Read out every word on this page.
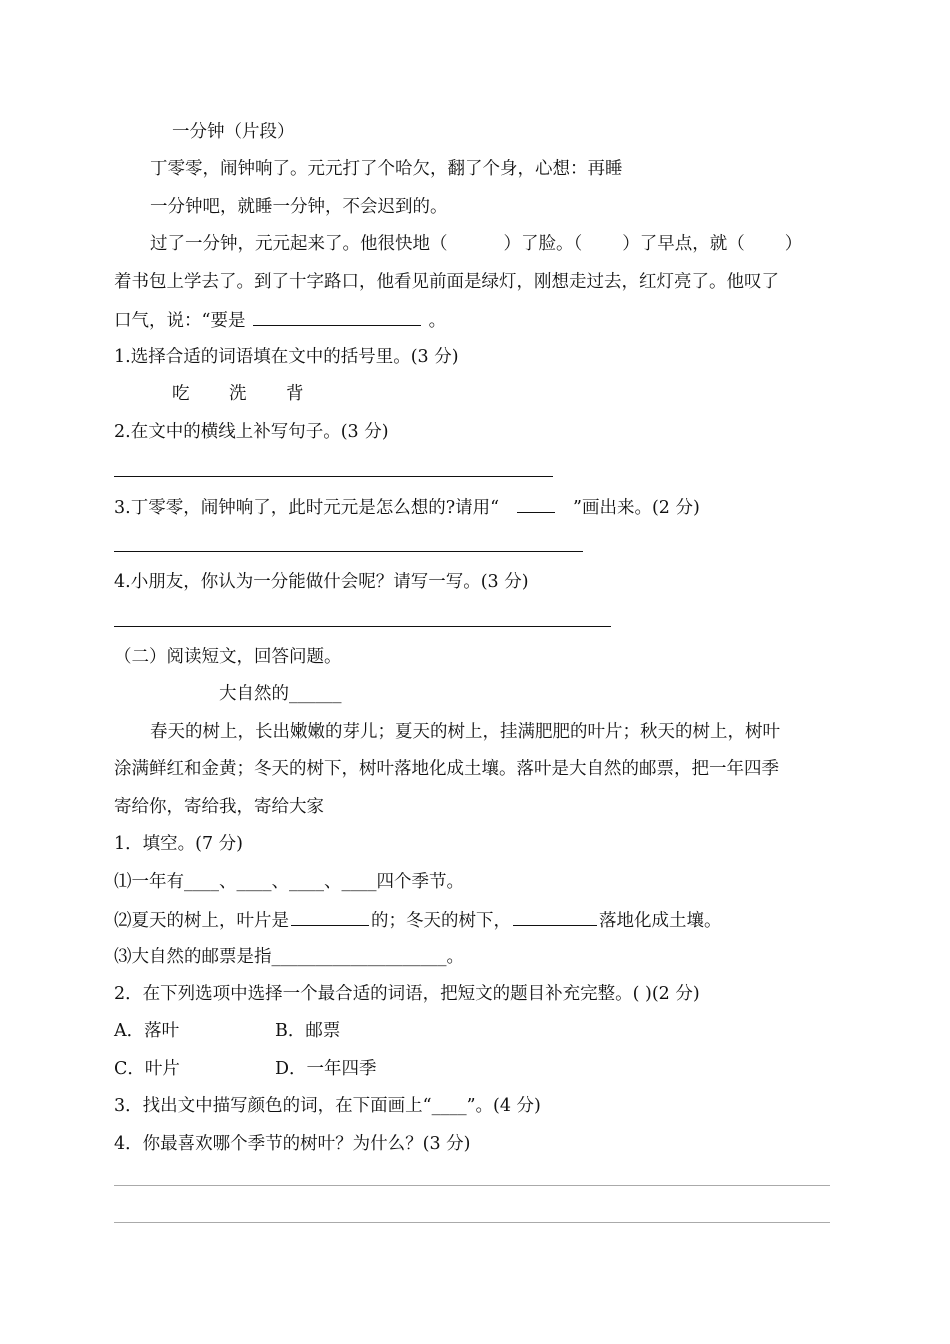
一分钟（片段）
丁零零，闹钟响了。元元打了个哈欠，翻了个身，心想：再睡
一分钟吧，就睡一分钟，不会迟到的。
过了一分钟，元元起来了。他很快地（	）了脸。（ ）了早点，就（ ）
着书包上学去了。到了十字路口，他看见前面是绿灯，刚想走过去，红灯亮了。他叹了
口气，说：“要是	。
1.选择合适的词语填在文中的括号里。(3 分)
吃 洗 背
2.在文中的横线上补写句子。(3 分)
3.丁零零，闹钟响了，此时元元是怎么想的?请用“	”画出来。(2 分)
4.小朋友，你认为一分能做什会呢？请写一写。(3 分)
（二）阅读短文，回答问题。
大自然的______
春天的树上，长出嫩嫩的芽儿；夏天的树上，挂满肥肥的叶片；秋天的树上，树叶
涂满鲜红和金黄；冬天的树下，树叶落地化成土壤。落叶是大自然的邮票，把一年四季
寄给你，寄给我，寄给大家
1．填空。(7 分)
⑴一年有____、____、____、____四个季节。
⑵夏天的树上，叶片是	的；冬天的树下，	落地化成土壤。
⑶大自然的邮票是指____________________。
2．在下列选项中选择一个最合适的词语，把短文的题目补充完整。( )(2 分)
A．落叶	B．邮票
C．叶片	D．一年四季
3．找出文中描写颜色的词，在下面画上“____”。(4 分)
4．你最喜欢哪个季节的树叶？为什么？(3 分)
